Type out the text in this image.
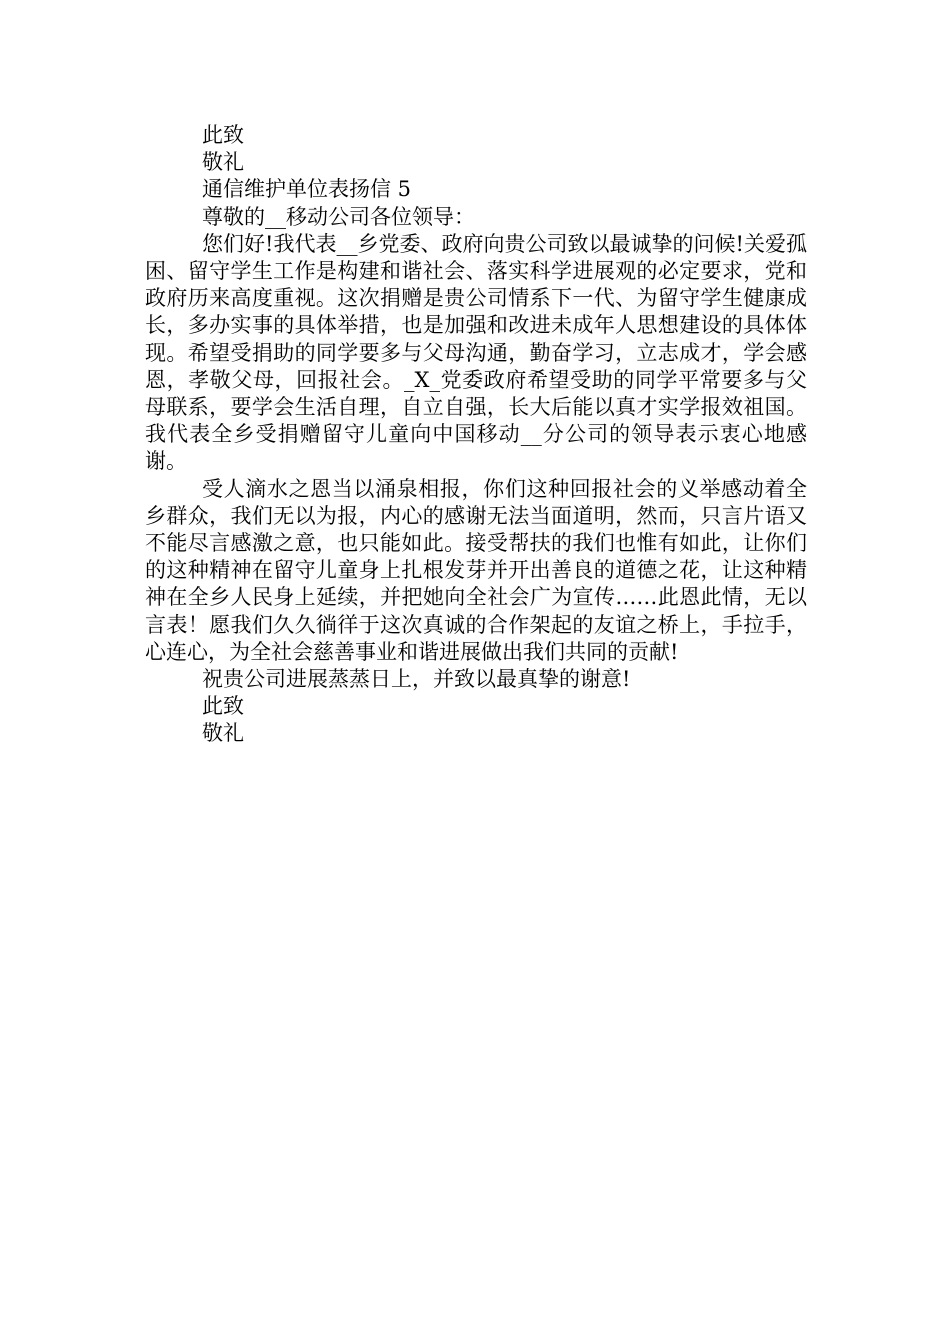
此致

敬礼

通信维护单位表扬信 5

尊敬的__移动公司各位领导：

您们好!我代表__乡党委、政府向贵公司致以最诚挚的问候!关爱孤困、留守学生工作是构建和谐社会、落实科学进展观的必定要求，党和政府历来高度重视。这次捐赠是贵公司情系下一代、为留守学生健康成长，多办实事的具体举措，也是加强和改进未成年人思想建设的具体体现。希望受捐助的同学要多与父母沟通，勤奋学习，立志成才，学会感恩，孝敬父母，回报社会。_X_党委政府希望受助的同学平常要多与父母联系，要学会生活自理，自立自强，长大后能以真才实学报效祖国。我代表全乡受捐赠留守儿童向中国移动__分公司的领导表示衷心地感谢。

受人滴水之恩当以涌泉相报，你们这种回报社会的义举感动着全乡群众，我们无以为报，内心的感谢无法当面道明，然而，只言片语又不能尽言感激之意，也只能如此。接受帮扶的我们也惟有如此，让你们的这种精神在留守儿童身上扎根发芽并开出善良的道德之花，让这种精神在全乡人民身上延续，并把她向全社会广为宣传……此恩此情，无以言表！愿我们久久徜徉于这次真诚的合作架起的友谊之桥上，手拉手，心连心，为全社会慈善事业和谐进展做出我们共同的贡献!

祝贵公司进展蒸蒸日上，并致以最真挚的谢意!

此致

敬礼
